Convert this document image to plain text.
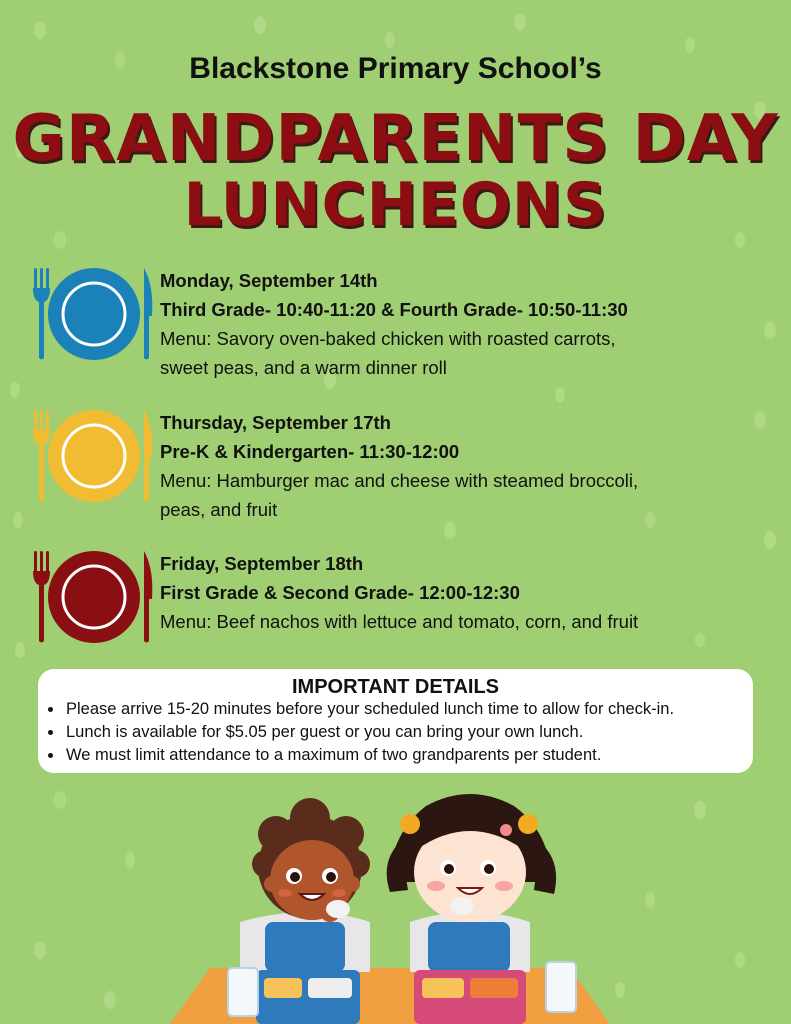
Blackstone Primary School’s
GRANDPARENTS DAY
LUNCHEONS
Monday, September 14th
Third Grade- 10:40-11:20 & Fourth Grade- 10:50-11:30
Menu: Savory oven-baked chicken with roasted carrots,
sweet peas, and a warm dinner roll
Thursday, September 17th
Pre-K & Kindergarten- 11:30-12:00
Menu: Hamburger mac and cheese with steamed broccoli,
peas, and fruit
Friday, September 18th
First Grade & Second Grade- 12:00-12:30
Menu: Beef nachos with lettuce and tomato, corn, and fruit
IMPORTANT DETAILS
Please arrive 15-20 minutes before your scheduled lunch time to allow for check-in.
Lunch is available for $5.05 per guest or you can bring your own lunch.
We must limit attendance to a maximum of two grandparents per student.
